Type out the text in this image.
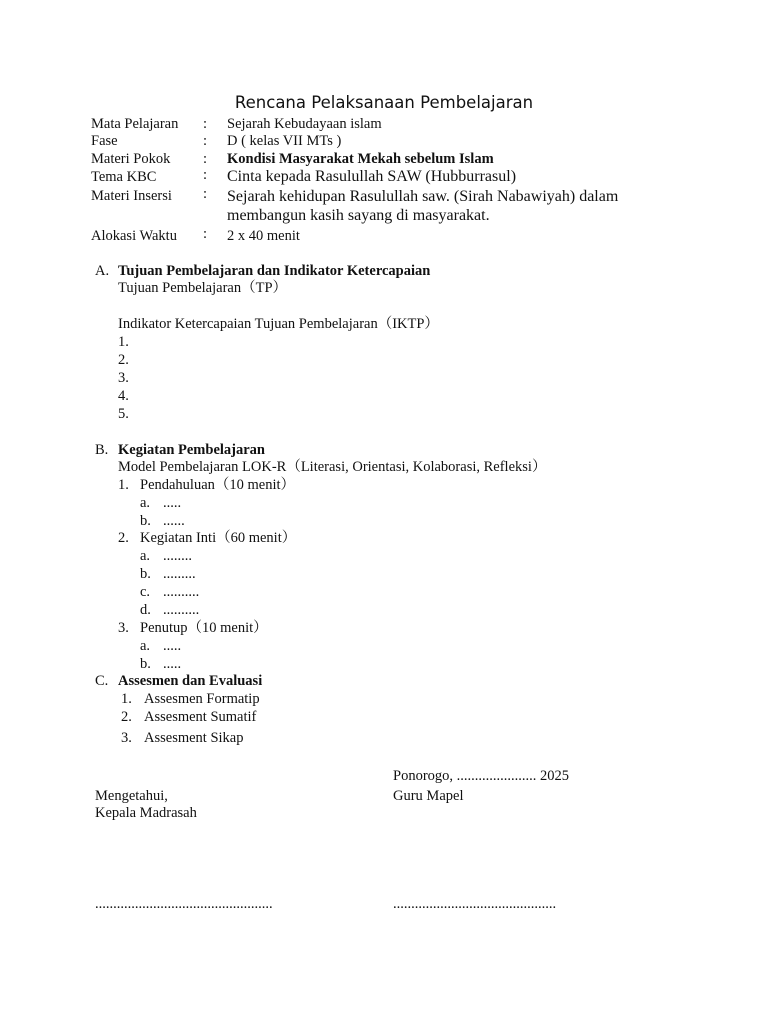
Rencana Pelaksanaan Pembelajaran
Mata Pelajaran : Sejarah Kebudayaan islam
Fase	: D ( kelas VII MTs )
Materi Pokok : Kondisi Masyarakat Mekah sebelum Islam
Tema KBC	: Cinta kepada Rasulullah SAW (Hubburrasul)
Materi Insersi : Sejarah kehidupan Rasulullah saw. (Sirah Nabawiyah) dalam
membangun kasih sayang di masyarakat.
Alokasi Waktu : 2 x 40 menit
A. Tujuan Pembelajaran dan Indikator Ketercapaian
Tujuan Pembelajaran（TP）
Indikator Ketercapaian Tujuan Pembelajaran（IKTP）
1.
2.
3.
4.
5.
B. Kegiatan Pembelajaran
Model Pembelajaran LOK-R（Literasi, Orientasi, Kolaborasi, Refleksi）
1. Pendahuluan（10 menit）
a. .....
b. ......
2. Kegiatan Inti（60 menit）
a. ........
b. .........
c. ..........
d. ..........
3. Penutup（10 menit）
a. .....
b. .....
C. Assesmen dan Evaluasi
1. Assesmen Formatip
2. Assesment Sumatif
3. Assesment Sikap
Ponorogo, ...................... 2025
Mengetahui,	Guru Mapel
Kepala Madrasah
.................................................	.............................................
